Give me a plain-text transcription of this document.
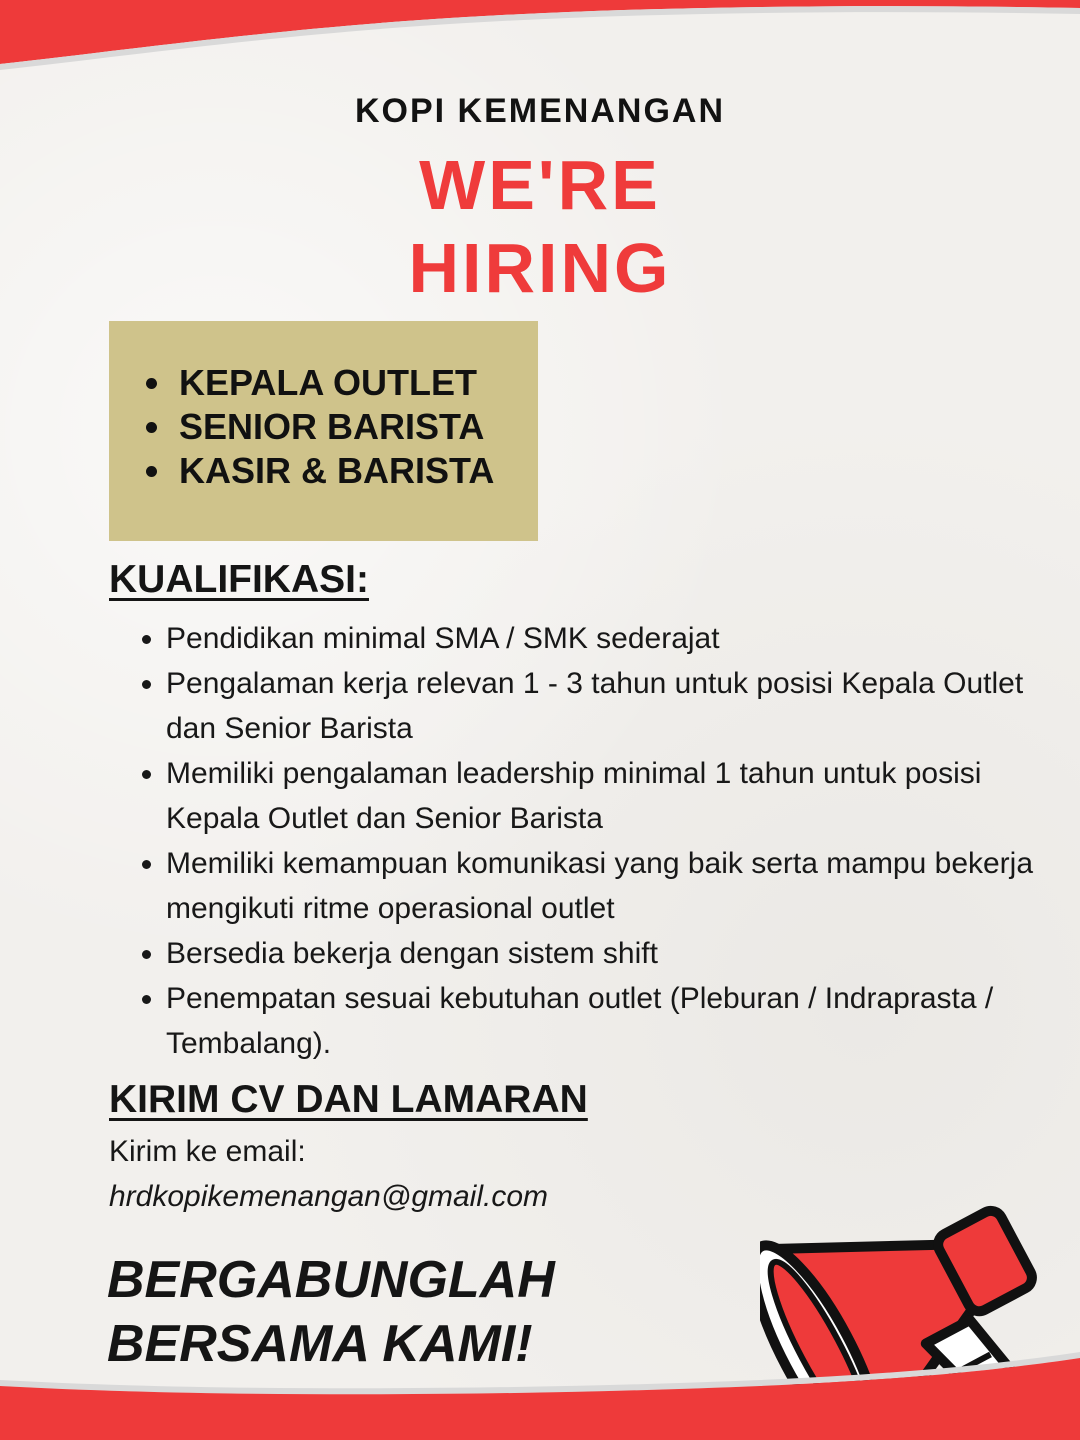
KOPI KEMENANGAN
WE'RE
HIRING
• KEPALA OUTLET
• SENIOR BARISTA
• KASIR & BARISTA
KUALIFIKASI:
• Pendidikan minimal SMA / SMK sederajat
• Pengalaman kerja relevan 1 - 3 tahun untuk posisi Kepala Outlet dan Senior Barista
• Memiliki pengalaman leadership minimal 1 tahun untuk posisi Kepala Outlet dan Senior Barista
• Memiliki kemampuan komunikasi yang baik serta mampu bekerja mengikuti ritme operasional outlet
• Bersedia bekerja dengan sistem shift
• Penempatan sesuai kebutuhan outlet (Pleburan / Indraprasta / Tembalang).
KIRIM CV DAN LAMARAN
Kirim ke email:
hrdkopikemenangan@gmail.com
BERGABUNGLAH
BERSAMA KAMI!
